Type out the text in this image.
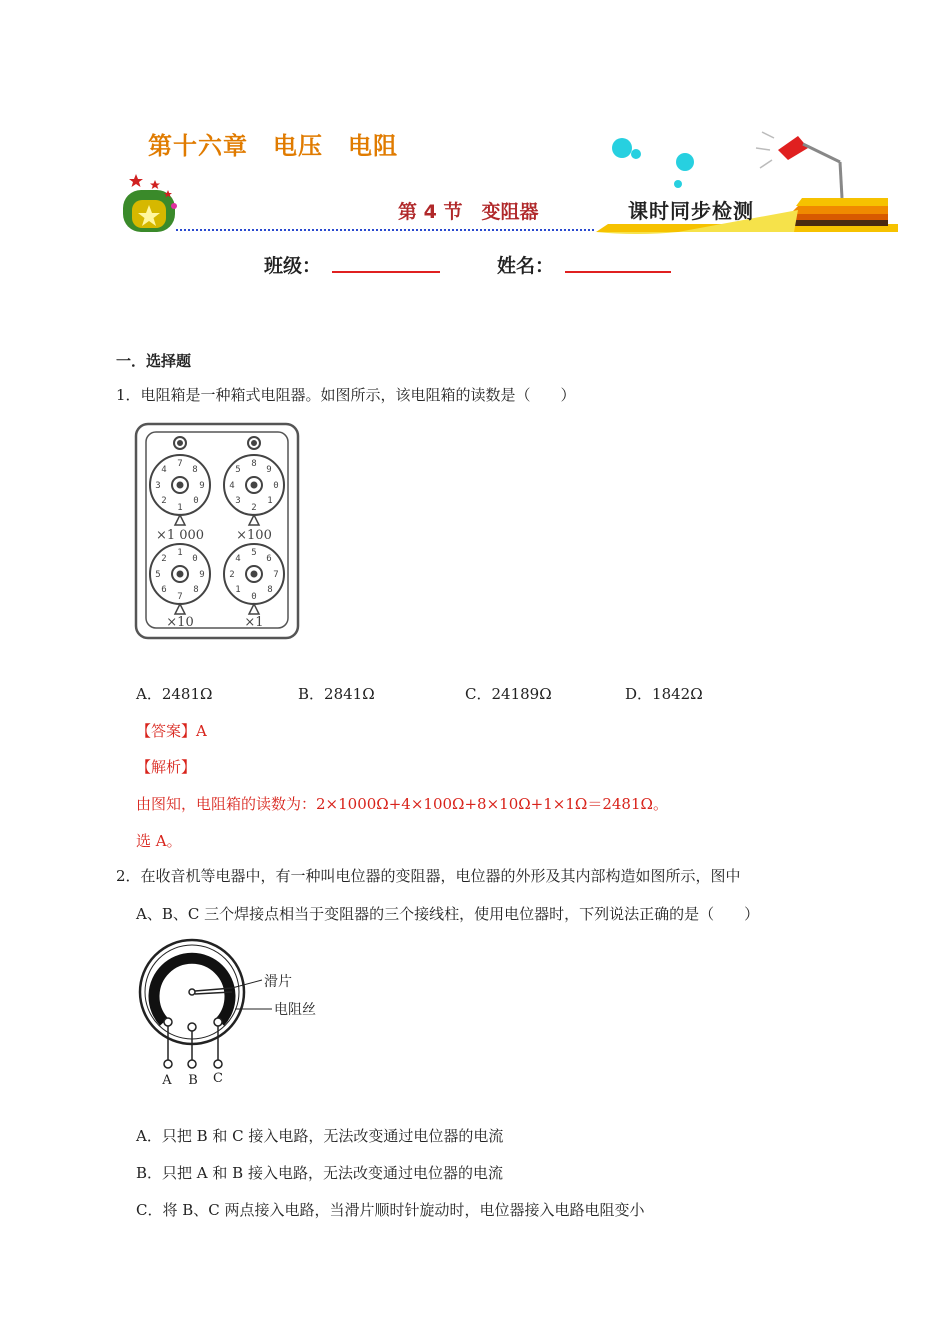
第十六章　电压　电阻
第 4 节　变阻器	课时同步检测
班级：	姓名：
一．选择题
1．电阻箱是一种箱式电阻器。如图所示，该电阻箱的读数是（　　）
7
8
9
0
1
2
3
4
8
9
0
1
2
3
4
5
1
0
9
8
7
6
5
2
5
6
7
8
0
1
2
4
×1 000 ×100
×10	×1
A．2481Ω	B．2841Ω	C．24189Ω	D．1842Ω
【答案】A
【解析】
由图知，电阻箱的读数为：2×1000Ω+4×100Ω+8×10Ω+1×1Ω＝2481Ω。
选 A。
2．在收音机等电器中，有一种叫电位器的变阻器，电位器的外形及其内部构造如图所示，图中
A、B、C 三个焊接点相当于变阻器的三个接线柱，使用电位器时，下列说法正确的是（　　）
滑片
电阻丝
A B C
A．只把 B 和 C 接入电路，无法改变通过电位器的电流
B．只把 A 和 B 接入电路，无法改变通过电位器的电流
C．将 B、C 两点接入电路，当滑片顺时针旋动时，电位器接入电路电阻变小
